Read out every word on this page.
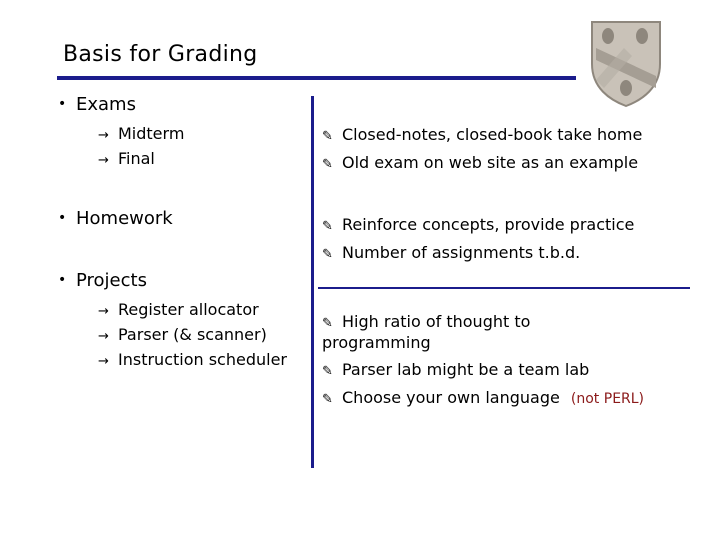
Basis for Grading
• Exams
→ Midterm
→ Final
✎ Closed-notes, closed-book take home
✎ Old exam on web site as an example
• Homework	✎ Reinforce concepts, provide practice
✎ Number of assignments t.b.d.
• Projects
→ Register allocator
→ Parser (& scanner)
→ Instruction scheduler
✎ High ratio of thought to
programming
✎ Parser lab might be a team lab
✎ Choose your own language (not PERL)
